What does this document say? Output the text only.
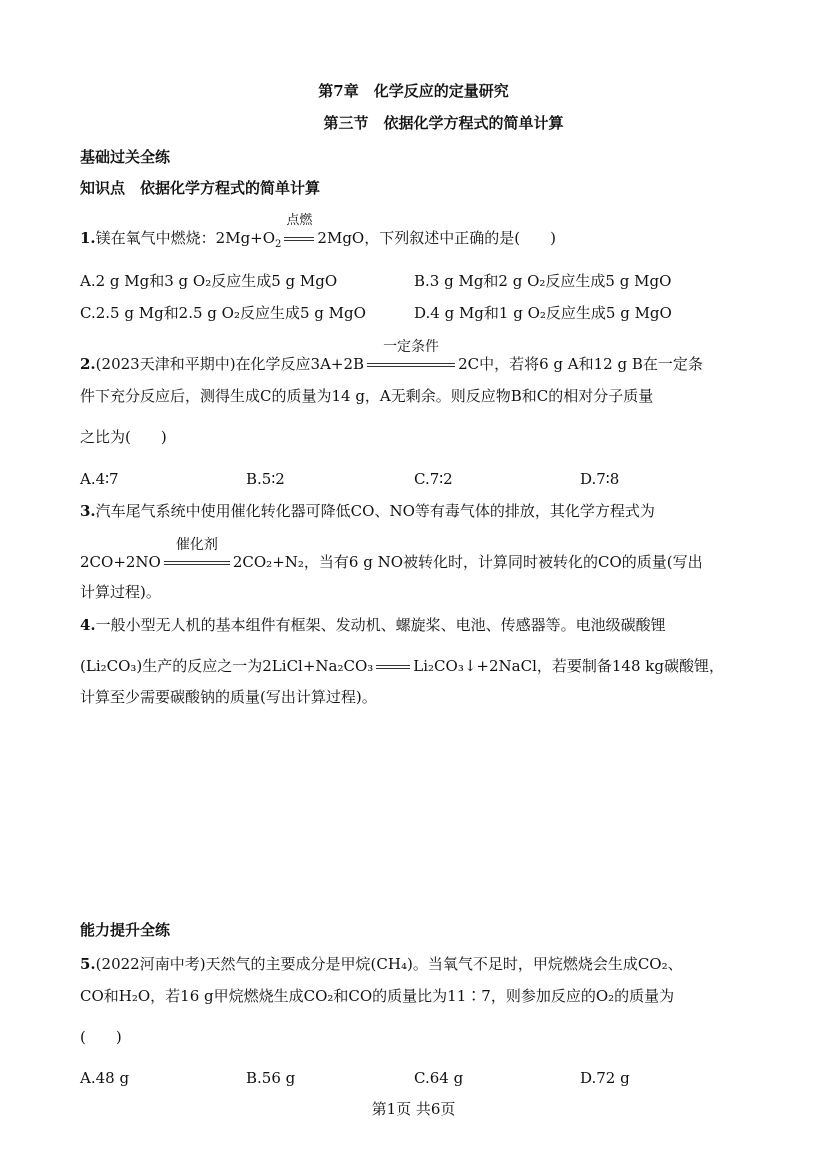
第7章　化学反应的定量研究
第三节　依据化学方程式的简单计算
基础过关全练
知识点　依据化学方程式的简单计算
1.镁在氧气中燃烧：$2Mg+O_2$
点燃
2MgO，下列叙述中正确的是(　　)
A.2 g Mg和3 g O₂反应生成5 g MgO	B.3 g Mg和2 g O₂反应生成5 g MgO
C.2.5 g Mg和2.5 g O₂反应生成5 g MgO	D.4 g Mg和1 g O₂反应生成5 g MgO
2.(2023天津和平期中)在化学反应3A+2B
一定条件
2C中，若将6 g A和12 g B在一定条
件下充分反应后，测得生成C的质量为14 g，A无剩余。则反应物B和C的相对分子质量
之比为(　　)
A.4∶7	B.5∶2	C.7∶2	D.7∶8
3.汽车尾气系统中使用催化转化器可降低CO、NO等有毒气体的排放，其化学方程式为
2CO+2NO
催化剂
2CO₂+N₂，当有6 g NO被转化时，计算同时被转化的CO的质量(写出
计算过程)。
4.一般小型无人机的基本组件有框架、发动机、螺旋桨、电池、传感器等。电池级碳酸锂
(Li₂CO₃)生产的反应之一为2LiCl+Na₂CO₃	Li₂CO₃↓+2NaCl，若要制备148 kg碳酸锂，
计算至少需要碳酸钠的质量(写出计算过程)。
能力提升全练
5.(2022河南中考)天然气的主要成分是甲烷(CH₄)。当氧气不足时，甲烷燃烧会生成CO₂、
CO和H₂O，若16 g甲烷燃烧生成CO₂和CO的质量比为11∶7，则参加反应的O₂的质量为
(　　)
A.48 g	B.56 g	C.64 g	D.72 g
第1页 共6页
